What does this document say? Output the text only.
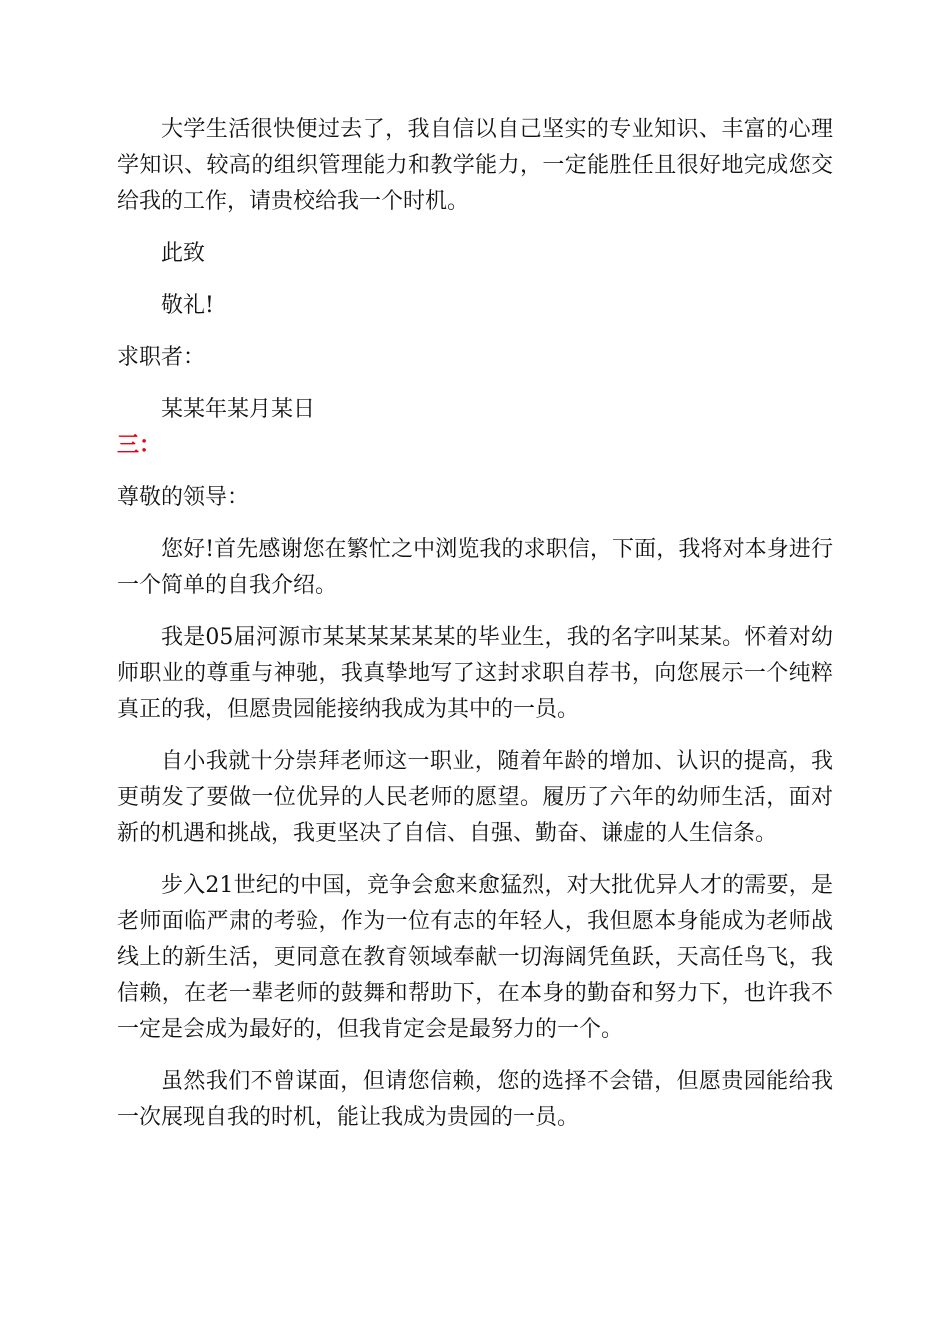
大学生活很快便过去了，我自信以自己坚实的专业知识、丰富的心理学知识、较高的组织管理能力和教学能力，一定能胜任且很好地完成您交给我的工作，请贵校给我一个时机。

此致

敬礼!

求职者：

某某年某月某日

三：

尊敬的领导：

您好!首先感谢您在繁忙之中浏览我的求职信，下面，我将对本身进行一个简单的自我介绍。

我是05届河源市某某某某某某的毕业生，我的名字叫某某。怀着对幼师职业的尊重与神驰，我真挚地写了这封求职自荐书，向您展示一个纯粹真正的我，但愿贵园能接纳我成为其中的一员。

自小我就十分崇拜老师这一职业，随着年龄的增加、认识的提高，我更萌发了要做一位优异的人民老师的愿望。履历了六年的幼师生活，面对新的机遇和挑战，我更坚决了自信、自强、勤奋、谦虚的人生信条。

步入21世纪的中国，竞争会愈来愈猛烈，对大批优异人才的需要，是老师面临严肃的考验，作为一位有志的年轻人，我但愿本身能成为老师战线上的新生活，更同意在教育领域奉献一切海阔凭鱼跃，天高任鸟飞，我信赖，在老一辈老师的鼓舞和帮助下，在本身的勤奋和努力下，也许我不一定是会成为最好的，但我肯定会是最努力的一个。

虽然我们不曾谋面，但请您信赖，您的选择不会错，但愿贵园能给我一次展现自我的时机，能让我成为贵园的一员。
